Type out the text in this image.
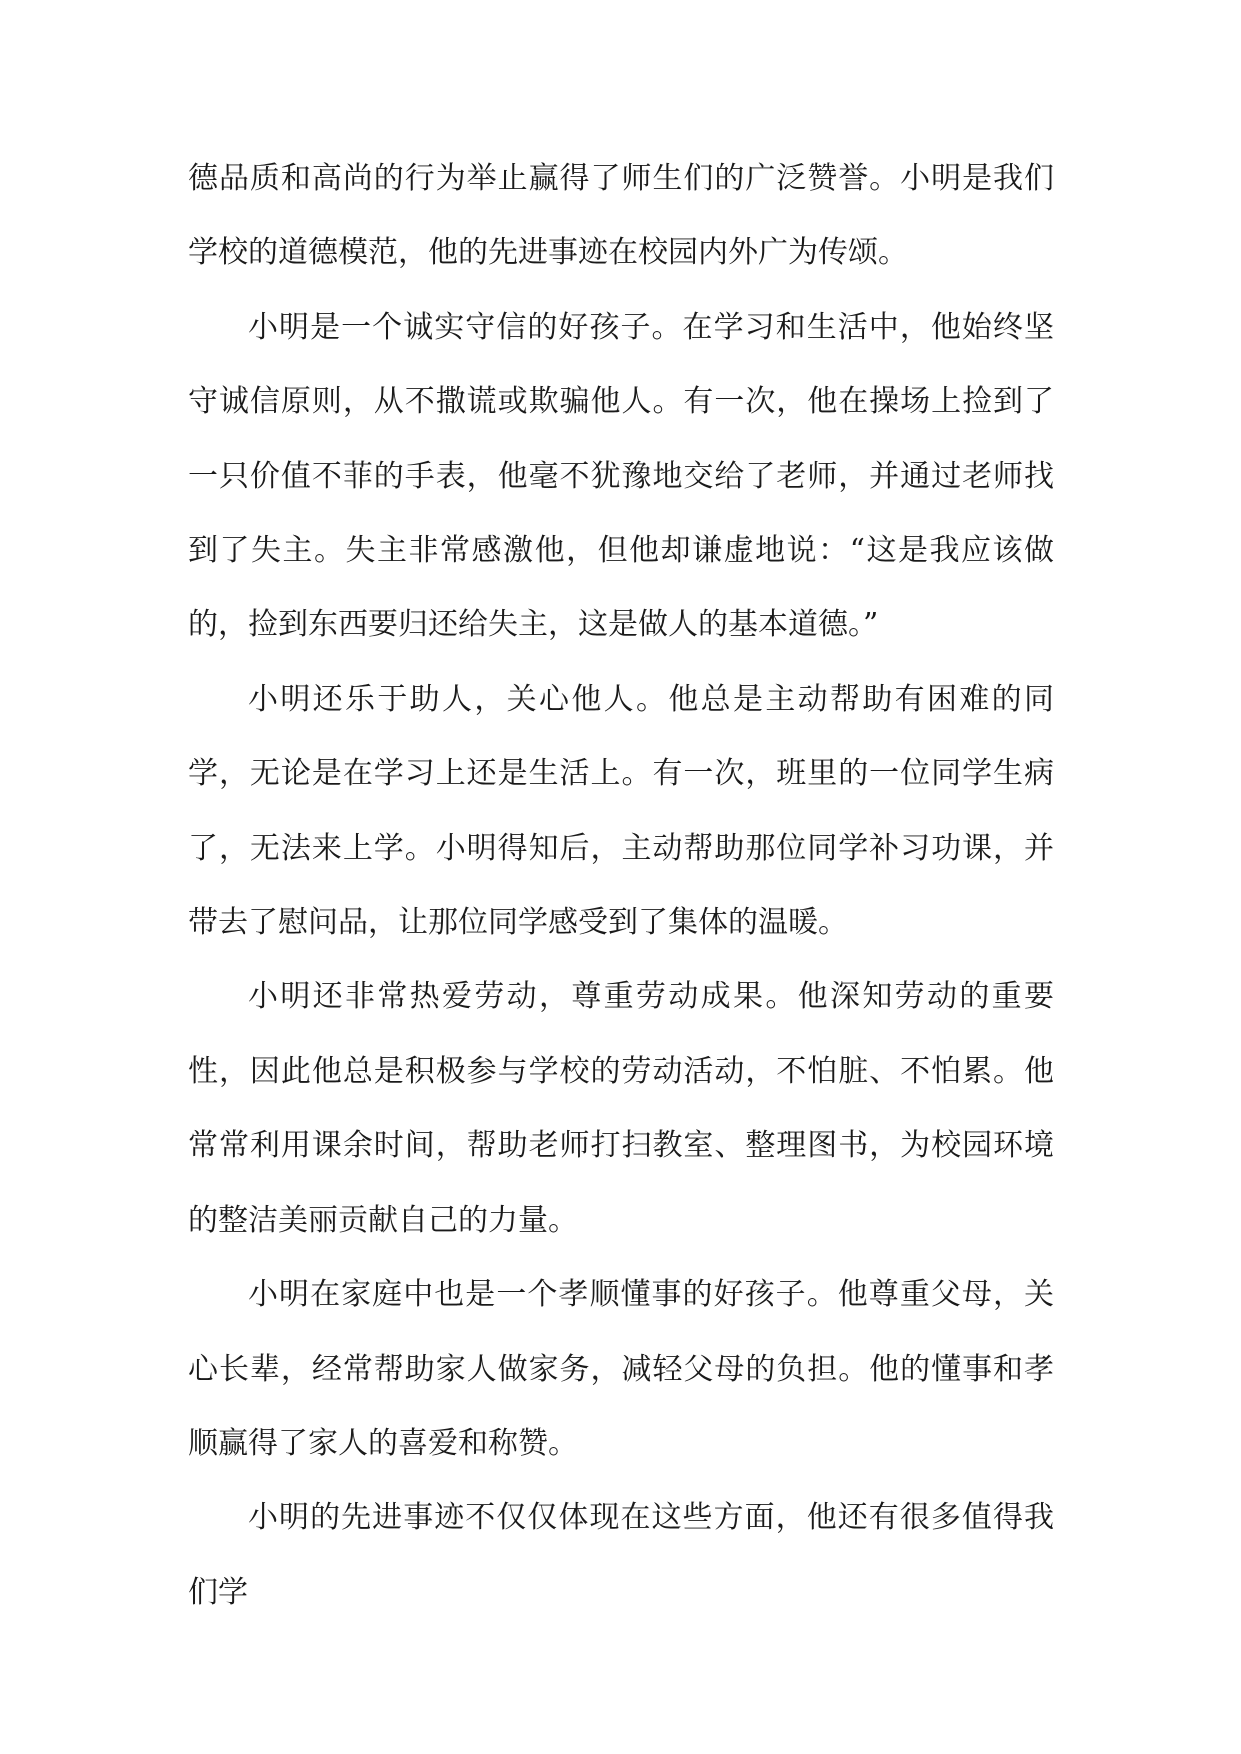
德品质和高尚的行为举止赢得了师生们的广泛赞誉。小明是我们学校的道德模范，他的先进事迹在校园内外广为传颂。

小明是一个诚实守信的好孩子。在学习和生活中，他始终坚守诚信原则，从不撒谎或欺骗他人。有一次，他在操场上捡到了一只价值不菲的手表，他毫不犹豫地交给了老师，并通过老师找到了失主。失主非常感激他，但他却谦虚地说：“这是我应该做的，捡到东西要归还给失主，这是做人的基本道德。”

小明还乐于助人，关心他人。他总是主动帮助有困难的同学，无论是在学习上还是生活上。有一次，班里的一位同学生病了，无法来上学。小明得知后，主动帮助那位同学补习功课，并带去了慰问品，让那位同学感受到了集体的温暖。

小明还非常热爱劳动，尊重劳动成果。他深知劳动的重要性，因此他总是积极参与学校的劳动活动，不怕脏、不怕累。他常常利用课余时间，帮助老师打扫教室、整理图书，为校园环境的整洁美丽贡献自己的力量。

小明在家庭中也是一个孝顺懂事的好孩子。他尊重父母，关心长辈，经常帮助家人做家务，减轻父母的负担。他的懂事和孝顺赢得了家人的喜爱和称赞。

小明的先进事迹不仅仅体现在这些方面，他还有很多值得我们学
